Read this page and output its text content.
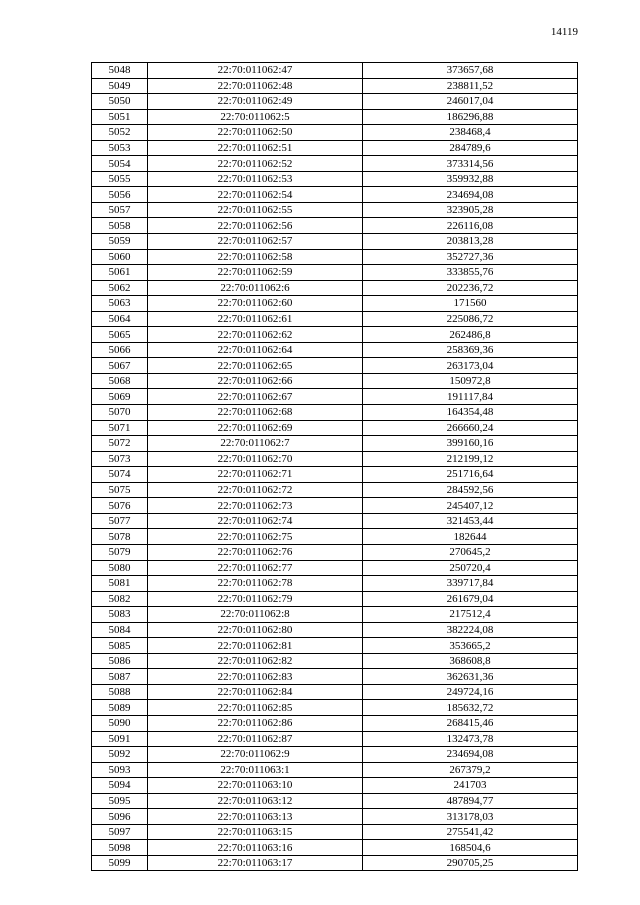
14119
5048	22:70:011062:47	373657,68
5049	22:70:011062:48	238811,52
5050	22:70:011062:49	246017,04
5051	22:70:011062:5	186296,88
5052	22:70:011062:50	238468,4
5053	22:70:011062:51	284789,6
5054	22:70:011062:52	373314,56
5055	22:70:011062:53	359932,88
5056	22:70:011062:54	234694,08
5057	22:70:011062:55	323905,28
5058	22:70:011062:56	226116,08
5059	22:70:011062:57	203813,28
5060	22:70:011062:58	352727,36
5061	22:70:011062:59	333855,76
5062	22:70:011062:6	202236,72
5063	22:70:011062:60	171560
5064	22:70:011062:61	225086,72
5065	22:70:011062:62	262486,8
5066	22:70:011062:64	258369,36
5067	22:70:011062:65	263173,04
5068	22:70:011062:66	150972,8
5069	22:70:011062:67	191117,84
5070	22:70:011062:68	164354,48
5071	22:70:011062:69	266660,24
5072	22:70:011062:7	399160,16
5073	22:70:011062:70	212199,12
5074	22:70:011062:71	251716,64
5075	22:70:011062:72	284592,56
5076	22:70:011062:73	245407,12
5077	22:70:011062:74	321453,44
5078	22:70:011062:75	182644
5079	22:70:011062:76	270645,2
5080	22:70:011062:77	250720,4
5081	22:70:011062:78	339717,84
5082	22:70:011062:79	261679,04
5083	22:70:011062:8	217512,4
5084	22:70:011062:80	382224,08
5085	22:70:011062:81	353665,2
5086	22:70:011062:82	368608,8
5087	22:70:011062:83	362631,36
5088	22:70:011062:84	249724,16
5089	22:70:011062:85	185632,72
5090	22:70:011062:86	268415,46
5091	22:70:011062:87	132473,78
5092	22:70:011062:9	234694,08
5093	22:70:011063:1	267379,2
5094	22:70:011063:10	241703
5095	22:70:011063:12	487894,77
5096	22:70:011063:13	313178,03
5097	22:70:011063:15	275541,42
5098	22:70:011063:16	168504,6
5099	22:70:011063:17	290705,25
